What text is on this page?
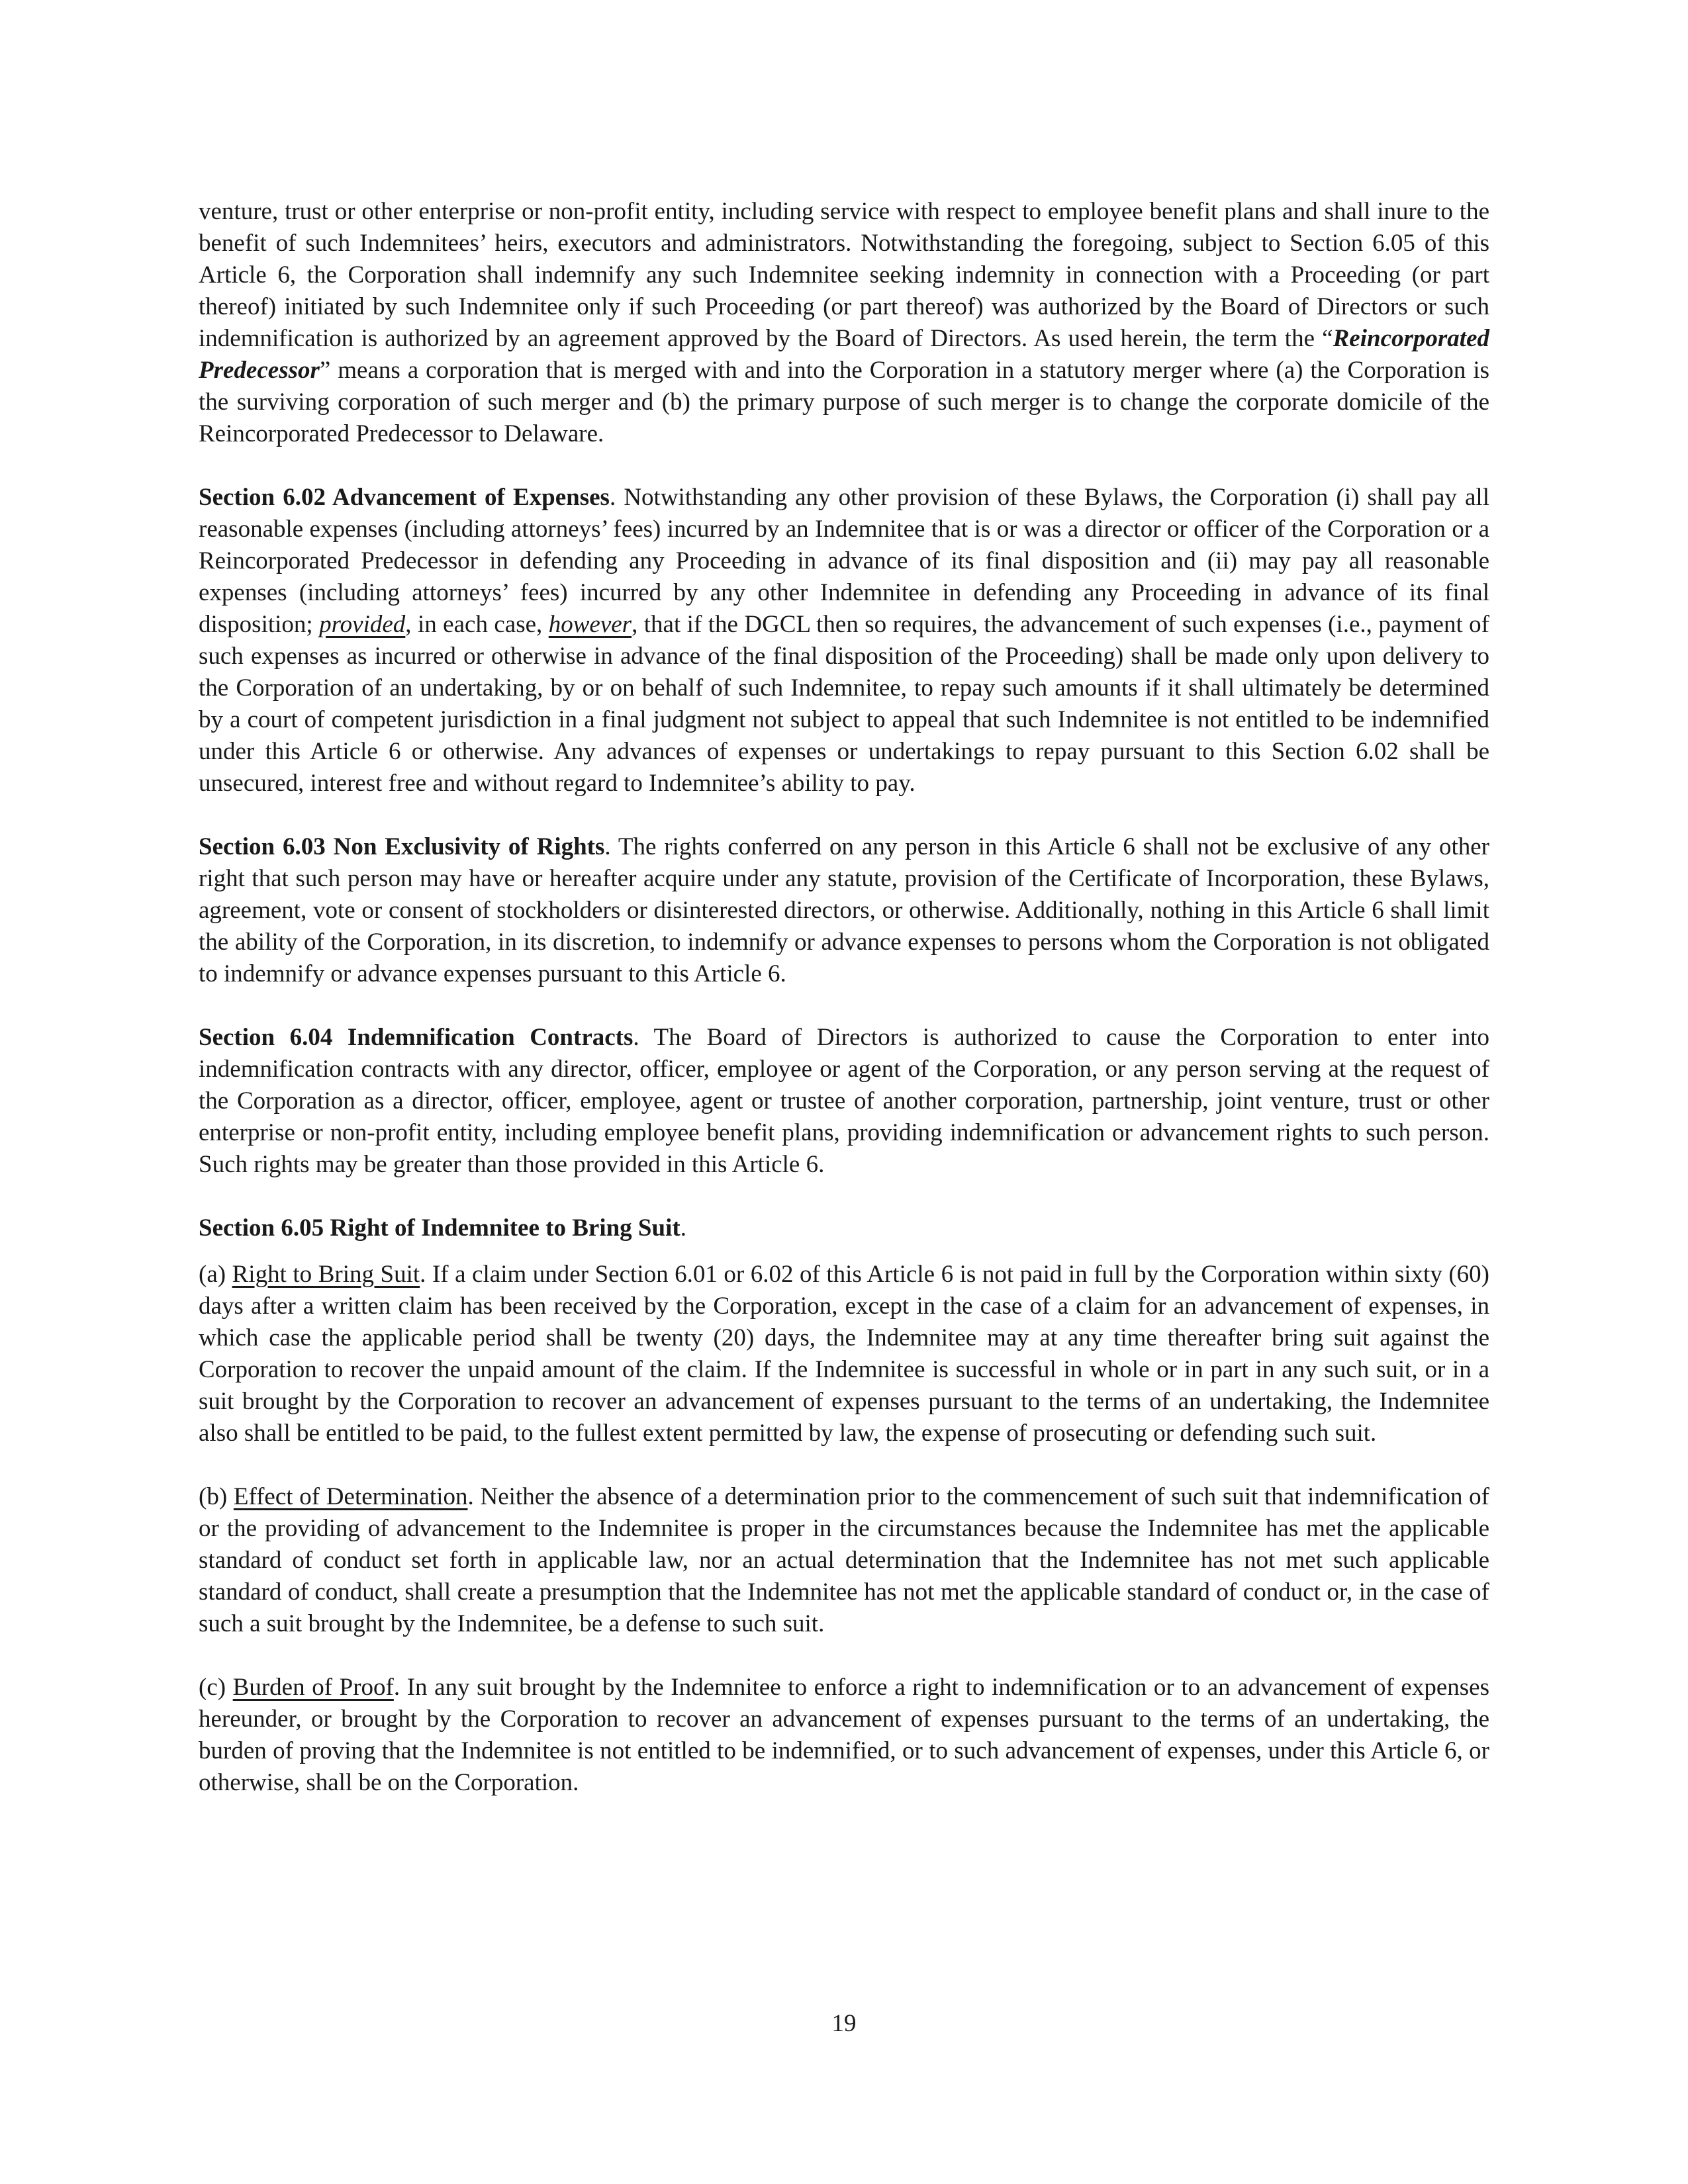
venture, trust or other enterprise or non-profit entity, including service with respect to employee benefit plans and shall inure to the benefit of such Indemnitees’ heirs, executors and administrators. Notwithstanding the foregoing, subject to Section 6.05 of this Article 6, the Corporation shall indemnify any such Indemnitee seeking indemnity in connection with a Proceeding (or part thereof) initiated by such Indemnitee only if such Proceeding (or part thereof) was authorized by the Board of Directors or such indemnification is authorized by an agreement approved by the Board of Directors. As used herein, the term the “Reincorporated Predecessor” means a corporation that is merged with and into the Corporation in a statutory merger where (a) the Corporation is the surviving corporation of such merger and (b) the primary purpose of such merger is to change the corporate domicile of the Reincorporated Predecessor to Delaware.

Section 6.02 Advancement of Expenses. Notwithstanding any other provision of these Bylaws, the Corporation (i) shall pay all reasonable expenses (including attorneys’ fees) incurred by an Indemnitee that is or was a director or officer of the Corporation or a Reincorporated Predecessor in defending any Proceeding in advance of its final disposition and (ii) may pay all reasonable expenses (including attorneys’ fees) incurred by any other Indemnitee in defending any Proceeding in advance of its final disposition; provided, in each case, however, that if the DGCL then so requires, the advancement of such expenses (i.e., payment of such expenses as incurred or otherwise in advance of the final disposition of the Proceeding) shall be made only upon delivery to the Corporation of an undertaking, by or on behalf of such Indemnitee, to repay such amounts if it shall ultimately be determined by a court of competent jurisdiction in a final judgment not subject to appeal that such Indemnitee is not entitled to be indemnified under this Article 6 or otherwise. Any advances of expenses or undertakings to repay pursuant to this Section 6.02 shall be unsecured, interest free and without regard to Indemnitee’s ability to pay.

Section 6.03 Non Exclusivity of Rights. The rights conferred on any person in this Article 6 shall not be exclusive of any other right that such person may have or hereafter acquire under any statute, provision of the Certificate of Incorporation, these Bylaws, agreement, vote or consent of stockholders or disinterested directors, or otherwise. Additionally, nothing in this Article 6 shall limit the ability of the Corporation, in its discretion, to indemnify or advance expenses to persons whom the Corporation is not obligated to indemnify or advance expenses pursuant to this Article 6.

Section 6.04 Indemnification Contracts. The Board of Directors is authorized to cause the Corporation to enter into indemnification contracts with any director, officer, employee or agent of the Corporation, or any person serving at the request of the Corporation as a director, officer, employee, agent or trustee of another corporation, partnership, joint venture, trust or other enterprise or non-profit entity, including employee benefit plans, providing indemnification or advancement rights to such person. Such rights may be greater than those provided in this Article 6.

Section 6.05 Right of Indemnitee to Bring Suit.

(a) Right to Bring Suit. If a claim under Section 6.01 or 6.02 of this Article 6 is not paid in full by the Corporation within sixty (60) days after a written claim has been received by the Corporation, except in the case of a claim for an advancement of expenses, in which case the applicable period shall be twenty (20) days, the Indemnitee may at any time thereafter bring suit against the Corporation to recover the unpaid amount of the claim. If the Indemnitee is successful in whole or in part in any such suit, or in a suit brought by the Corporation to recover an advancement of expenses pursuant to the terms of an undertaking, the Indemnitee also shall be entitled to be paid, to the fullest extent permitted by law, the expense of prosecuting or defending such suit.

(b) Effect of Determination. Neither the absence of a determination prior to the commencement of such suit that indemnification of or the providing of advancement to the Indemnitee is proper in the circumstances because the Indemnitee has met the applicable standard of conduct set forth in applicable law, nor an actual determination that the Indemnitee has not met such applicable standard of conduct, shall create a presumption that the Indemnitee has not met the applicable standard of conduct or, in the case of such a suit brought by the Indemnitee, be a defense to such suit.

(c) Burden of Proof. In any suit brought by the Indemnitee to enforce a right to indemnification or to an advancement of expenses hereunder, or brought by the Corporation to recover an advancement of expenses pursuant to the terms of an undertaking, the burden of proving that the Indemnitee is not entitled to be indemnified, or to such advancement of expenses, under this Article 6, or otherwise, shall be on the Corporation.

19
